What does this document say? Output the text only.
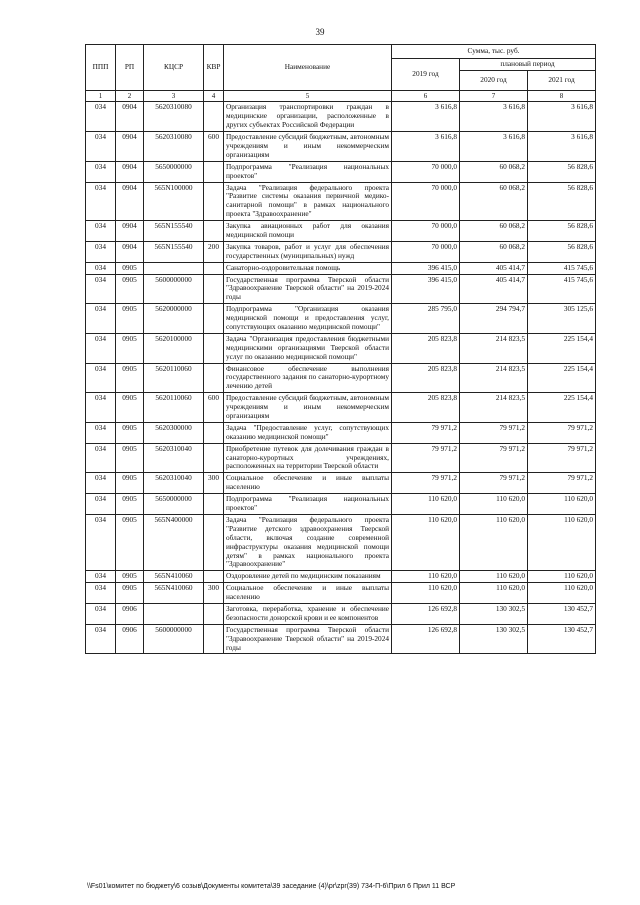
39
ППП	РП	КЦСР	КВР	Наименование	Сумма, тыс. руб.		
					2019 год	плановый период	
						2020 год	2021 год
1	2	3	4	5	6	7	8
034	0904	5620310080		Организация транспортировки граждан в медицинские организации, расположенные в других субъектах Российской Федерации	3 616,8	3 616,8	3 616,8
034	0904	5620310080	600	Предоставление субсидий бюджетным, автономным учреждениям и иным некоммерческим организациям	3 616,8	3 616,8	3 616,8
034	0904	5650000000		Подпрограмма "Реализация национальных проектов"	70 000,0	60 068,2	56 828,6
034	0904	565N100000		Задача "Реализация федерального проекта "Развитие системы оказания первичной медико-санитарной помощи" в рамках национального проекта "Здравоохранение"	70 000,0	60 068,2	56 828,6
034	0904	565N155540		Закупка авиационных работ для оказания медицинской помощи	70 000,0	60 068,2	56 828,6
034	0904	565N155540	200	Закупка товаров, работ и услуг для обеспечения государственных (муниципальных) нужд	70 000,0	60 068,2	56 828,6
034	0905			Санаторно-оздоровительная помощь	396 415,0	405 414,7	415 745,6
034	0905	5600000000		Государственная программа Тверской области "Здравоохранение Тверской области" на 2019-2024 годы	396 415,0	405 414,7	415 745,6
034	0905	5620000000		Подпрограмма "Организация оказания медицинской помощи и предоставления услуг, сопутствующих оказанию медицинской помощи"	285 795,0	294 794,7	305 125,6
034	0905	5620100000		Задача "Организация предоставления бюджетными медицинскими организациями Тверской области услуг по оказанию медицинской помощи"	205 823,8	214 823,5	225 154,4
034	0905	5620110060		Финансовое обеспечение выполнения государственного задания по санаторно-курортному лечению детей	205 823,8	214 823,5	225 154,4
034	0905	5620110060	600	Предоставление субсидий бюджетным, автономным учреждениям и иным некоммерческим организациям	205 823,8	214 823,5	225 154,4
034	0905	5620300000		Задача "Предоставление услуг, сопутствующих оказанию медицинской помощи"	79 971,2	79 971,2	79 971,2
034	0905	5620310040		Приобретение путевок для долечивания граждан в санаторно-курортных учреждениях, расположенных на территории Тверской области	79 971,2	79 971,2	79 971,2
034	0905	5620310040	300	Социальное обеспечение и иные выплаты населению	79 971,2	79 971,2	79 971,2
034	0905	5650000000		Подпрограмма "Реализация национальных проектов"	110 620,0	110 620,0	110 620,0
034	0905	565N400000		Задача "Реализация федерального проекта "Развитие детского здравоохранения Тверской области, включая создание современной инфраструктуры оказания медицинской помощи детям" в рамках национального проекта "Здравоохранение"	110 620,0	110 620,0	110 620,0
034	0905	565N410060		Оздоровление детей по медицинским показаниям	110 620,0	110 620,0	110 620,0
034	0905	565N410060	300	Социальное обеспечение и иные выплаты населению	110 620,0	110 620,0	110 620,0
034	0906			Заготовка, переработка, хранение и обеспечение безопасности донорской крови и ее компонентов	126 692,8	130 302,5	130 452,7
034	0906	5600000000		Государственная программа Тверской области "Здравоохранение Тверской области" на 2019-2024 годы	126 692,8	130 302,5	130 452,7
\\Fs01\комитет по бюджету\6 созыв\Документы комитета\39 заседание (4)\pr\zpr(39) 734-П-6\Прил 6 Прил 11 ВСР
